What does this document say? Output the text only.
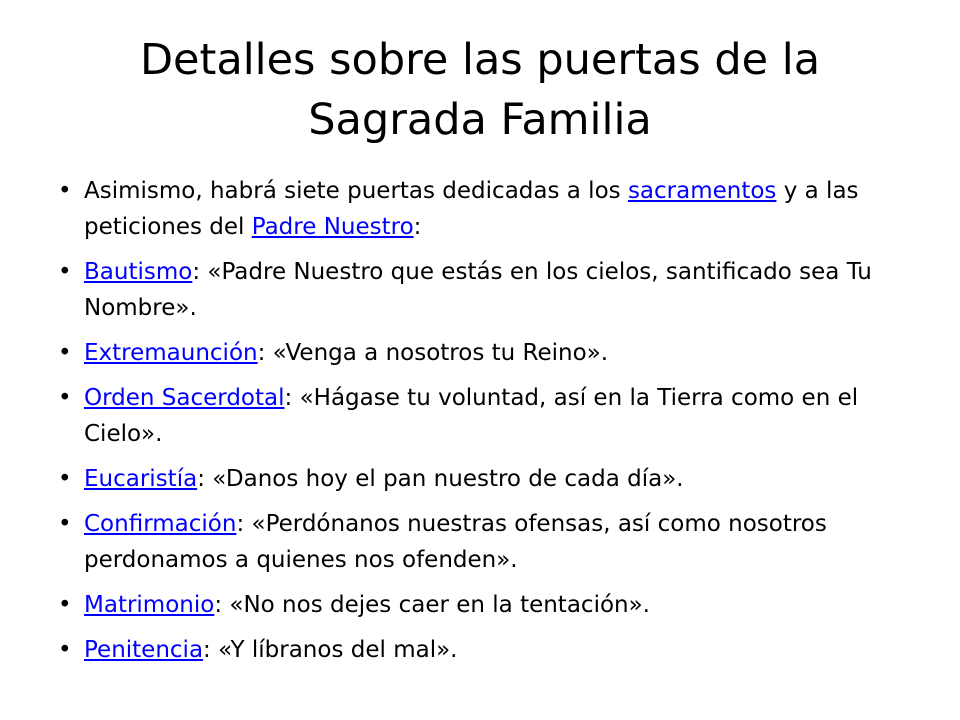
Detalles sobre las puertas de la Sagrada Familia
• Asimismo, habrá siete puertas dedicadas a los sacramentos y a las peticiones del Padre Nuestro:
• Bautismo: «Padre Nuestro que estás en los cielos, santificado sea Tu Nombre».
• Extremaunción: «Venga a nosotros tu Reino».
• Orden Sacerdotal: «Hágase tu voluntad, así en la Tierra como en el Cielo».
• Eucaristía: «Danos hoy el pan nuestro de cada día».
• Confirmación: «Perdónanos nuestras ofensas, así como nosotros perdonamos a quienes nos ofenden».
• Matrimonio: «No nos dejes caer en la tentación».
• Penitencia: «Y líbranos del mal».
